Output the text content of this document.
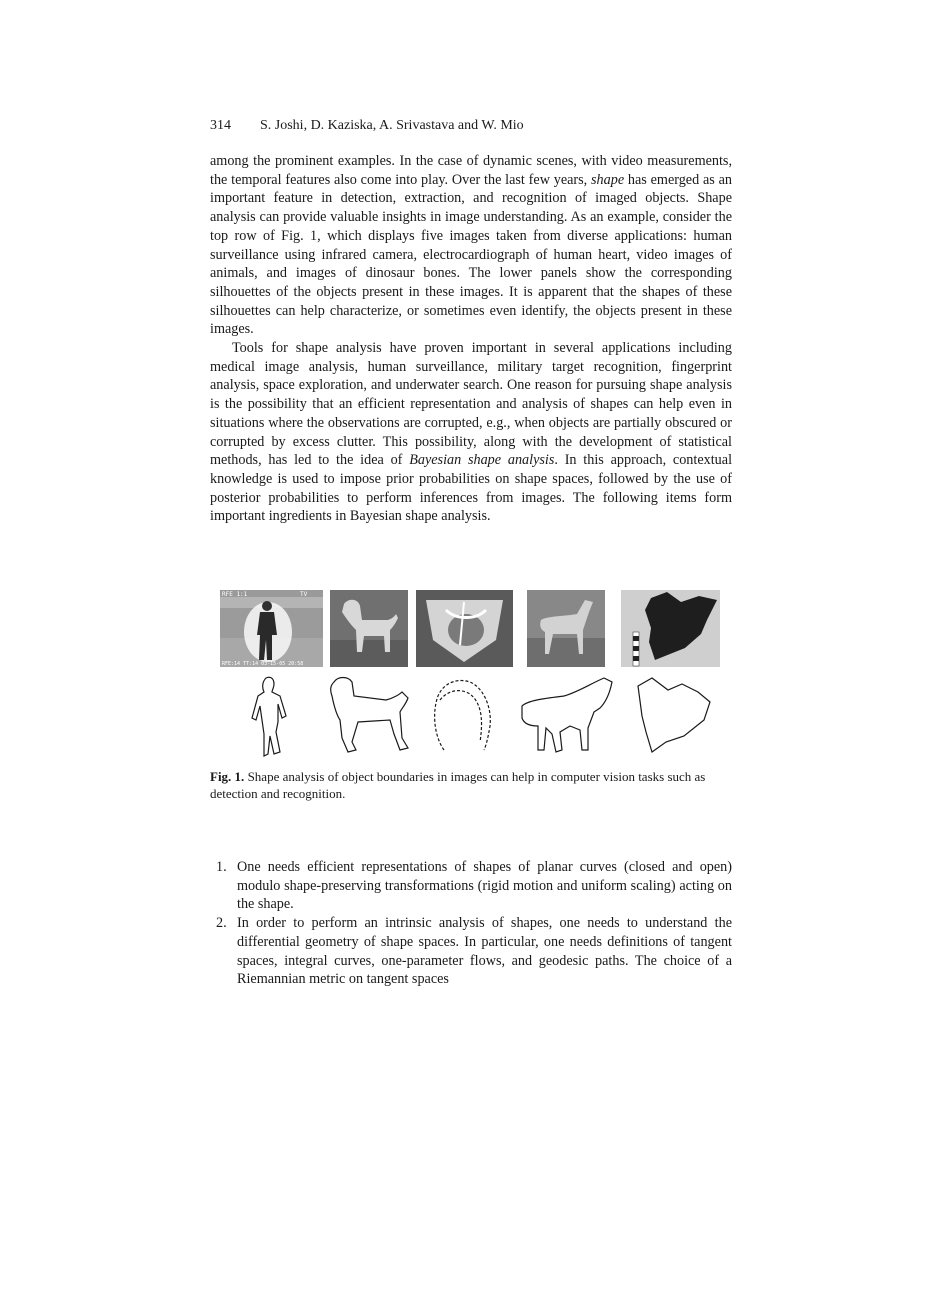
314 S. Joshi, D. Kaziska, A. Srivastava and W. Mio

among the prominent examples. In the case of dynamic scenes, with video measurements, the temporal features also come into play. Over the last few years, shape has emerged as an important feature in detection, extraction, and recognition of imaged objects. Shape analysis can provide valuable insights in image understanding. As an example, consider the top row of Fig. 1, which displays five images taken from diverse applications: human surveillance using infrared camera, electrocardiograph of human heart, video images of animals, and images of dinosaur bones. The lower panels show the corresponding silhouettes of the objects present in these images. It is apparent that the shapes of these silhouettes can help characterize, or sometimes even identify, the objects present in these images.

Tools for shape analysis have proven important in several applications including medical image analysis, human surveillance, military target recognition, fingerprint analysis, space exploration, and underwater search. One reason for pursuing shape analysis is the possibility that an efficient representation and analysis of shapes can help even in situations where the observations are corrupted, e.g., when objects are partially obscured or corrupted by excess clutter. This possibility, along with the development of statistical methods, has led to the idea of Bayesian shape analysis. In this approach, contextual knowledge is used to impose prior probabilities on shape spaces, followed by the use of posterior probabilities to perform inferences from images. The following items form important ingredients in Bayesian shape analysis.

RFE 1:1	TV
RFE:14 TT:14 03-15-05 20:58
Fig. 1. Shape analysis of object boundaries in images can help in computer vision tasks such as detection and recognition.
1. One needs efficient representations of shapes of planar curves (closed and open) modulo shape-preserving transformations (rigid motion and uniform scaling) acting on the shape.
2. In order to perform an intrinsic analysis of shapes, one needs to understand the differential geometry of shape spaces. In particular, one needs definitions of tangent spaces, integral curves, one-parameter flows, and geodesic paths. The choice of a Riemannian metric on tangent spaces
